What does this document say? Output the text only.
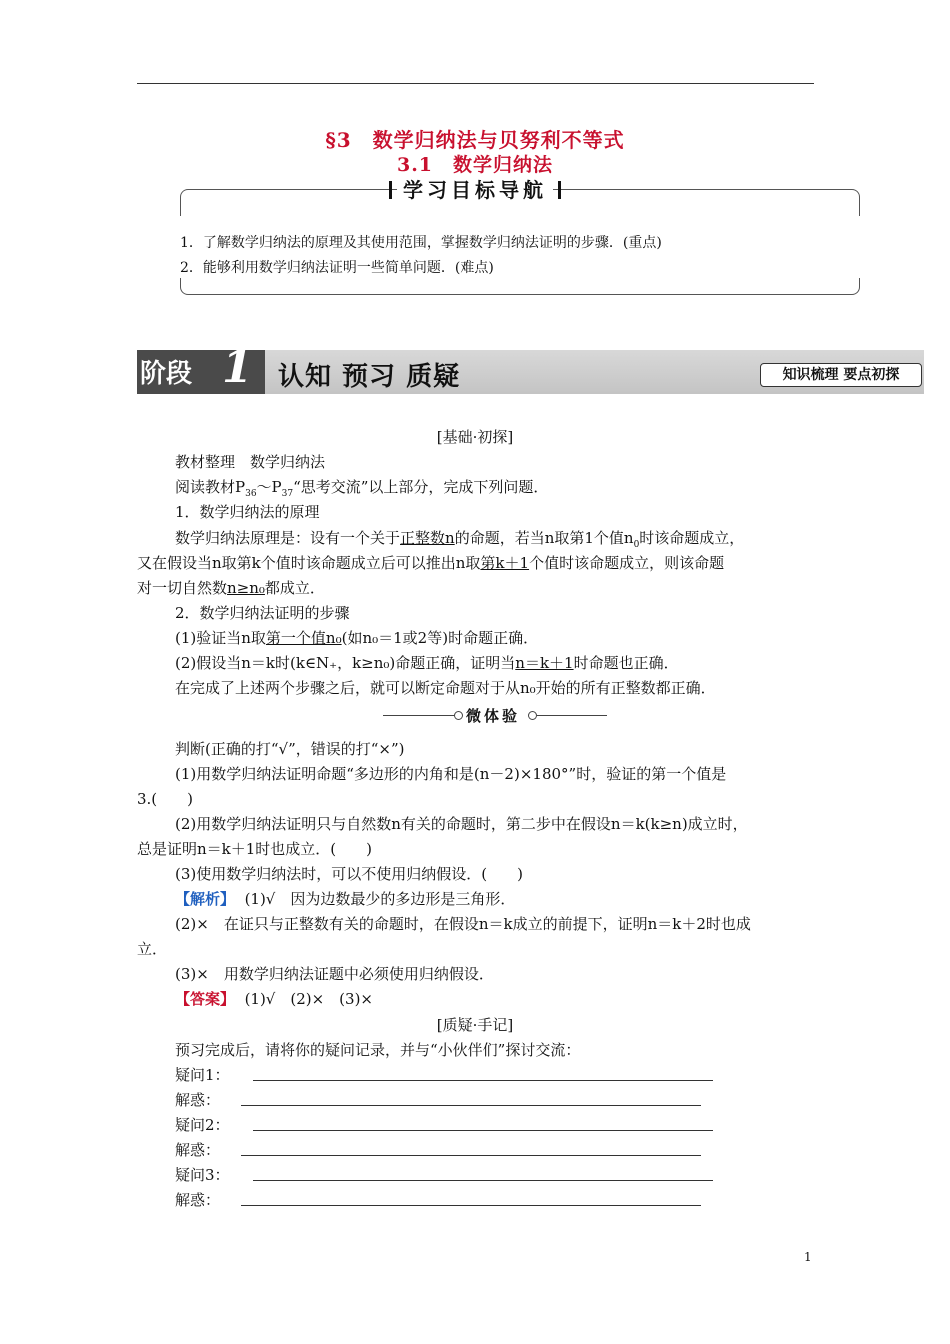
§3　数学归纳法与贝努利不等式
3.1　数学归纳法
学习目标导航
1．了解数学归纳法的原理及其使用范围，掌握数学归纳法证明的步骤．(重点)
2．能够利用数学归纳法证明一些简单问题．(难点)
阶段 1 认知 预习 质疑	知识梳理 要点初探
[基础·初探]
教材整理　数学归纳法
阅读教材$P_{36}\sim P_{37}“$思考交流”以上部分，完成下列问题．
1．数学归纳法的原理
数学归纳法原理是：设有一个关于正整数n的命题，若当n取第1个值$n_0$时该命题成立，
又在假设当n取第k个值时该命题成立后可以推出n取第k＋1个值时该命题成立，则该命题
对一切自然数n≥n₀都成立．
2．数学归纳法证明的步骤
(1)验证当n取第一个值n₀(如n₀＝1或2等)时命题正确．
(2)假设当n＝k时(k∈N₊，k≥n₀)命题正确，证明当n＝k＋1时命题也正确．
在完成了上述两个步骤之后，就可以断定命题对于从n₀开始的所有正整数都正确．
微体验
判断(正确的打“√”，错误的打“×”)
(1)用数学归纳法证明命题“多边形的内角和是(n－2)×180°”时，验证的第一个值是
3.(　　)
(2)用数学归纳法证明只与自然数n有关的命题时，第二步中在假设n＝k(k≥n)成立时，
总是证明n＝k＋1时也成立．(　　)
(3)使用数学归纳法时，可以不使用归纳假设．(　　)
【解析】 (1)√　因为边数最少的多边形是三角形．
(2)×　在证只与正整数有关的命题时，在假设n＝k成立的前提下，证明n＝k＋2时也成
立．
(3)×　用数学归纳法证题中必须使用归纳假设．
【答案】 (1)√　(2)×　(3)×
[质疑·手记]
预习完成后，请将你的疑问记录，并与“小伙伴们”探讨交流：
疑问1：
解惑：
疑问2：
解惑：
疑问3：
解惑：
1
